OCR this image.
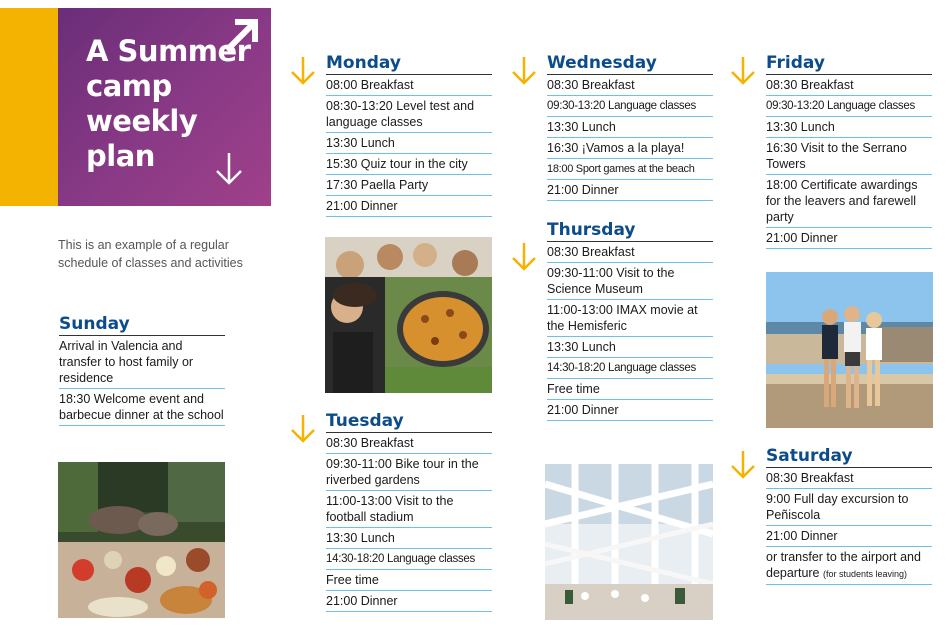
A Summer
camp
weekly
plan
This is an example of a regular schedule of classes and activities
Sunday
Arrival in Valencia and transfer to host family or residence
18:30 Welcome event and barbecue dinner at the school
Monday
08:00 Breakfast
08:30-13:20 Level test and language classes
13:30 Lunch
15:30 Quiz tour in the city
17:30 Paella Party
21:00 Dinner
Tuesday
08:30 Breakfast
09:30-11:00 Bike tour in the riverbed gardens
11:00-13:00 Visit to the football stadium
13:30 Lunch
14:30-18:20 Language classes
Free time
21:00 Dinner
Wednesday
08:30 Breakfast
09:30-13:20 Language classes
13:30 Lunch
16:30 ¡Vamos a la playa!
18:00 Sport games at the beach
21:00 Dinner
Thursday
08:30 Breakfast
09:30-11:00 Visit to the Science Museum
11:00-13:00 IMAX movie at the Hemisferic
13:30 Lunch
14:30-18:20 Language classes
Free time
21:00 Dinner
Friday
08:30 Breakfast
09:30-13:20 Language classes
13:30 Lunch
16:30 Visit to the Serrano Towers
18:00 Certificate awardings for the leavers and farewell party
21:00 Dinner
Saturday
08:30 Breakfast
9:00 Full day excursion to Peñiscola
21:00 Dinner
or transfer to the airport and departure (for students leaving)
